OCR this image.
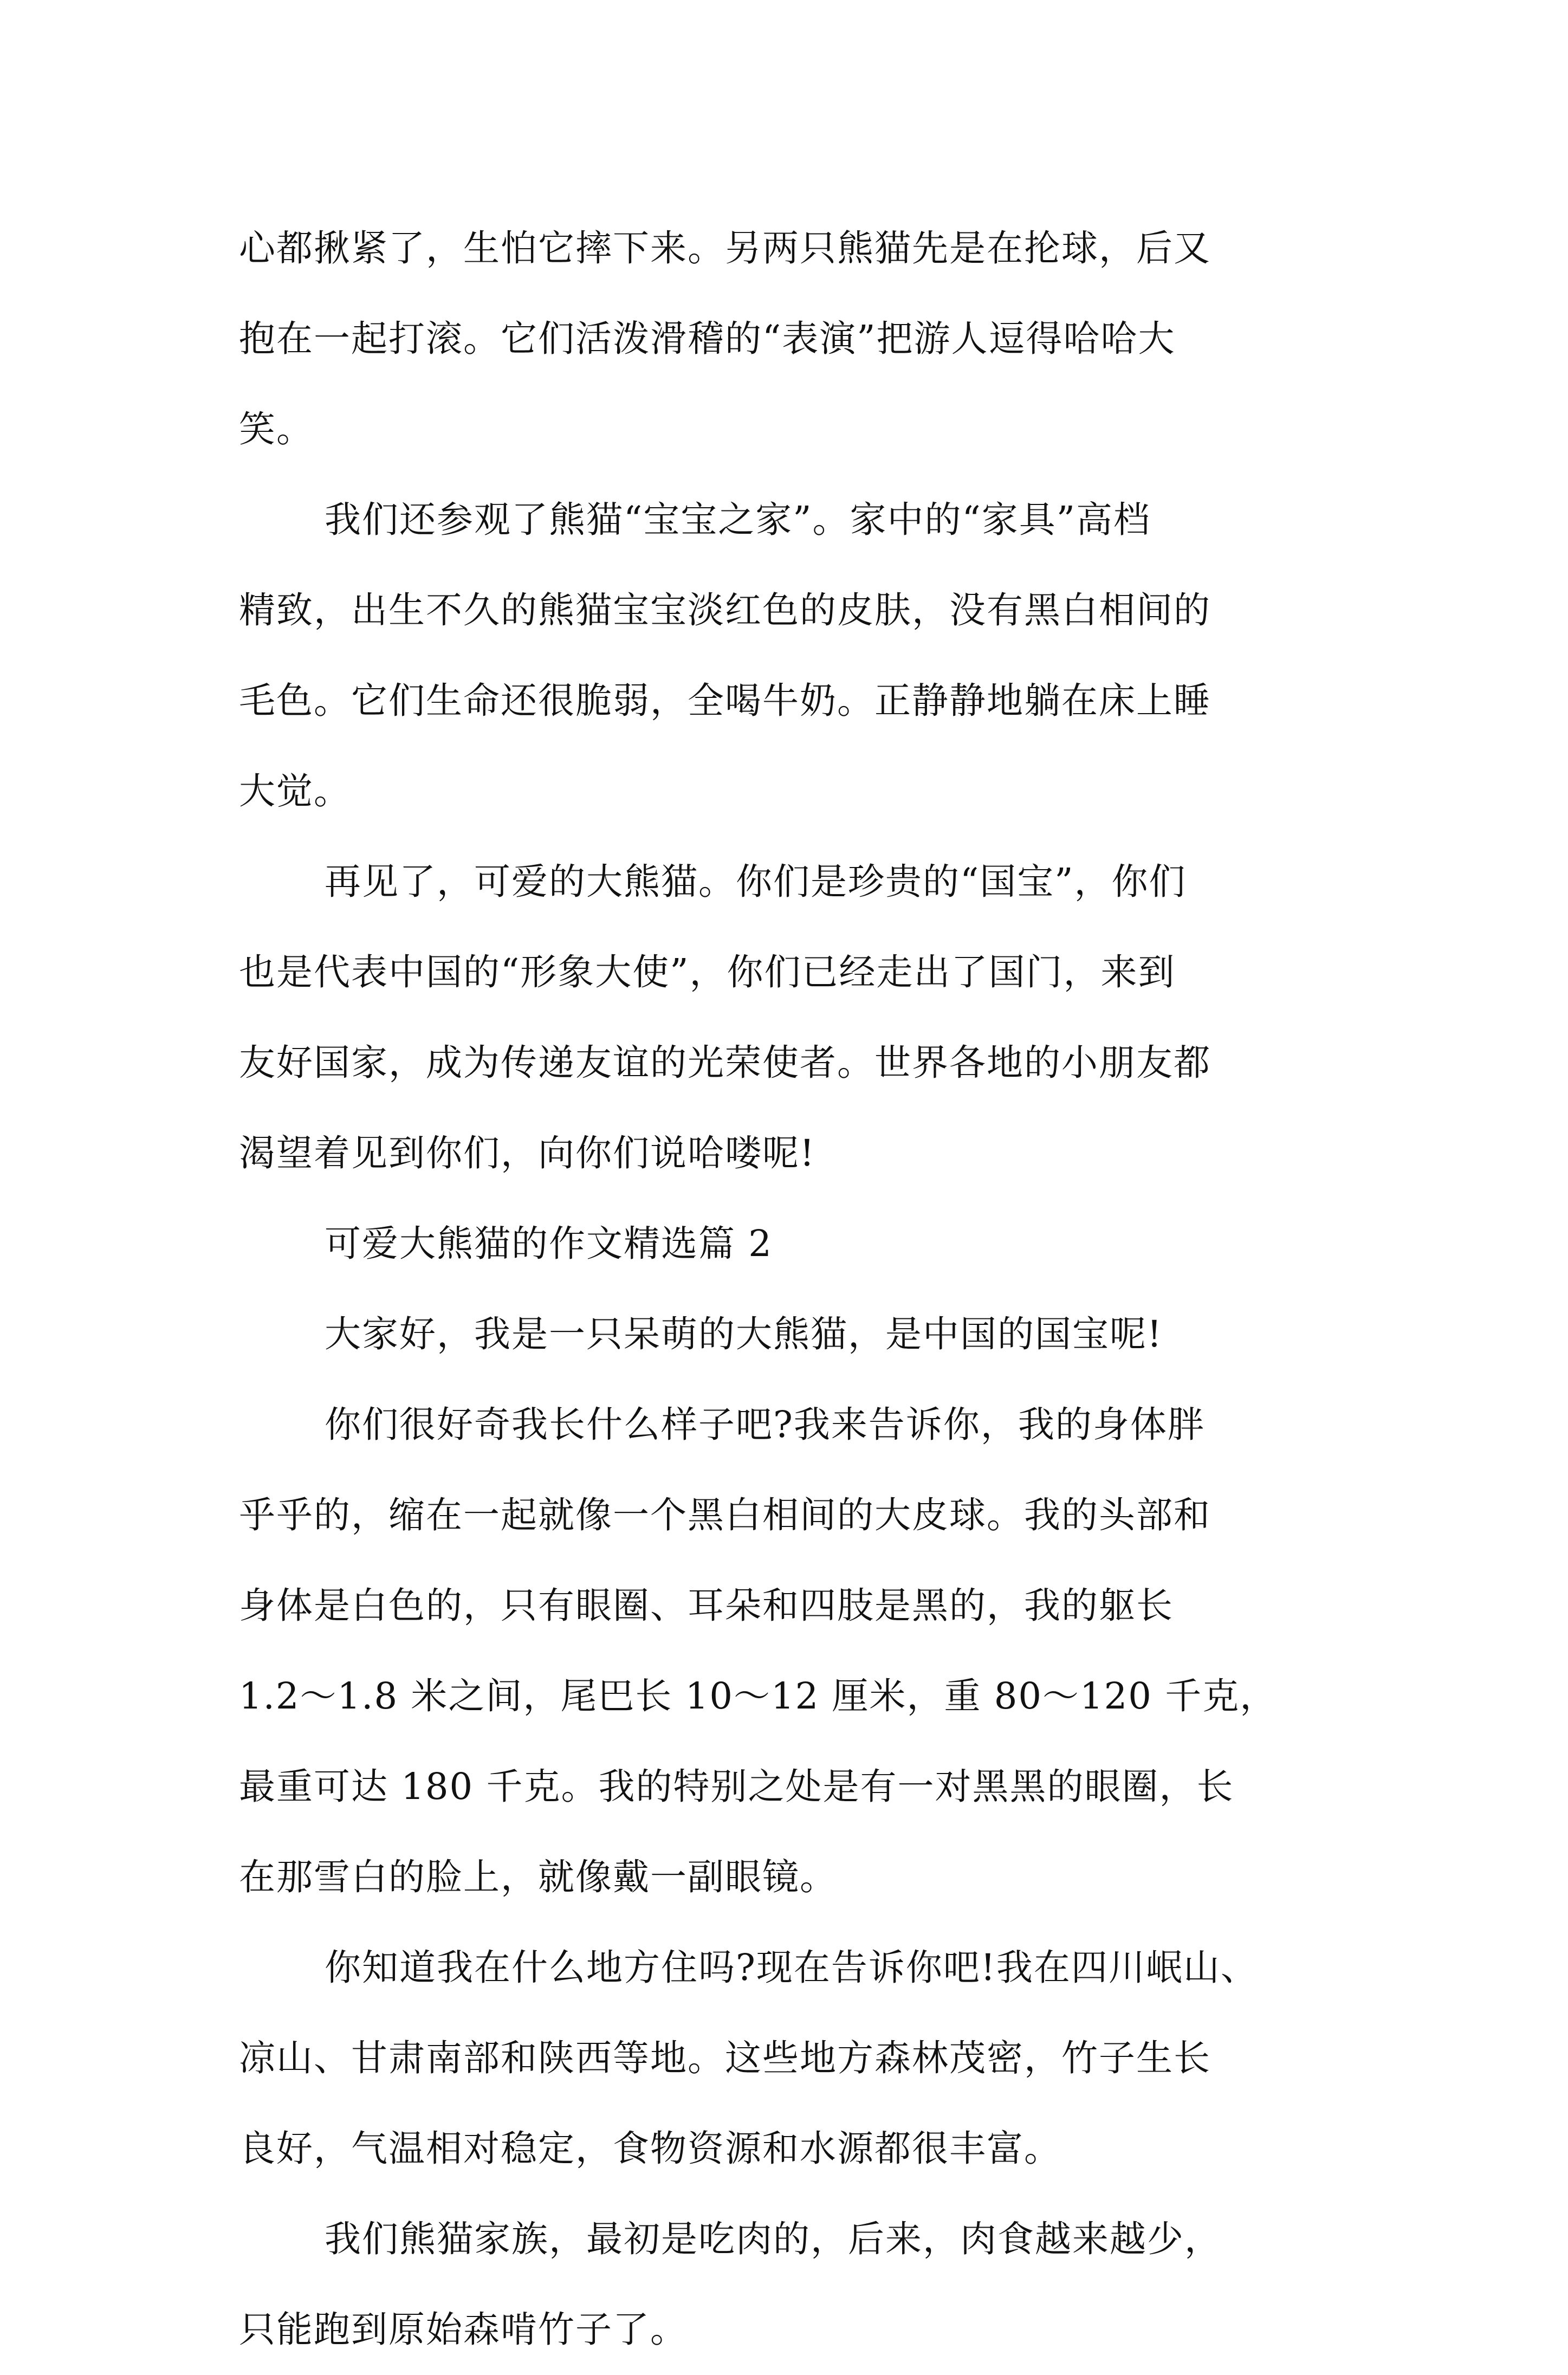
心都揪紧了，生怕它摔下来。另两只熊猫先是在抡球，后又
抱在一起打滚。它们活泼滑稽的“表演”把游人逗得哈哈大
笑。
我们还参观了熊猫“宝宝之家”。家中的“家具”高档
精致，出生不久的熊猫宝宝淡红色的皮肤，没有黑白相间的
毛色。它们生命还很脆弱，全喝牛奶。正静静地躺在床上睡
大觉。
再见了，可爱的大熊猫。你们是珍贵的“国宝”，你们
也是代表中国的“形象大使”，你们已经走出了国门，来到
友好国家，成为传递友谊的光荣使者。世界各地的小朋友都
渴望着见到你们，向你们说哈喽呢!
可爱大熊猫的作文精选篇 2
大家好，我是一只呆萌的大熊猫，是中国的国宝呢!
你们很好奇我长什么样子吧?我来告诉你，我的身体胖
乎乎的，缩在一起就像一个黑白相间的大皮球。我的头部和
身体是白色的，只有眼圈、耳朵和四肢是黑的，我的躯长
1.2～1.8 米之间，尾巴长 10～12 厘米，重 80～120 千克，
最重可达 180 千克。我的特别之处是有一对黑黑的眼圈，长
在那雪白的脸上，就像戴一副眼镜。
你知道我在什么地方住吗?现在告诉你吧!我在四川岷山、
凉山、甘肃南部和陕西等地。这些地方森林茂密，竹子生长
良好，气温相对稳定，食物资源和水源都很丰富。
我们熊猫家族，最初是吃肉的，后来，肉食越来越少，
只能跑到原始森啃竹子了。
